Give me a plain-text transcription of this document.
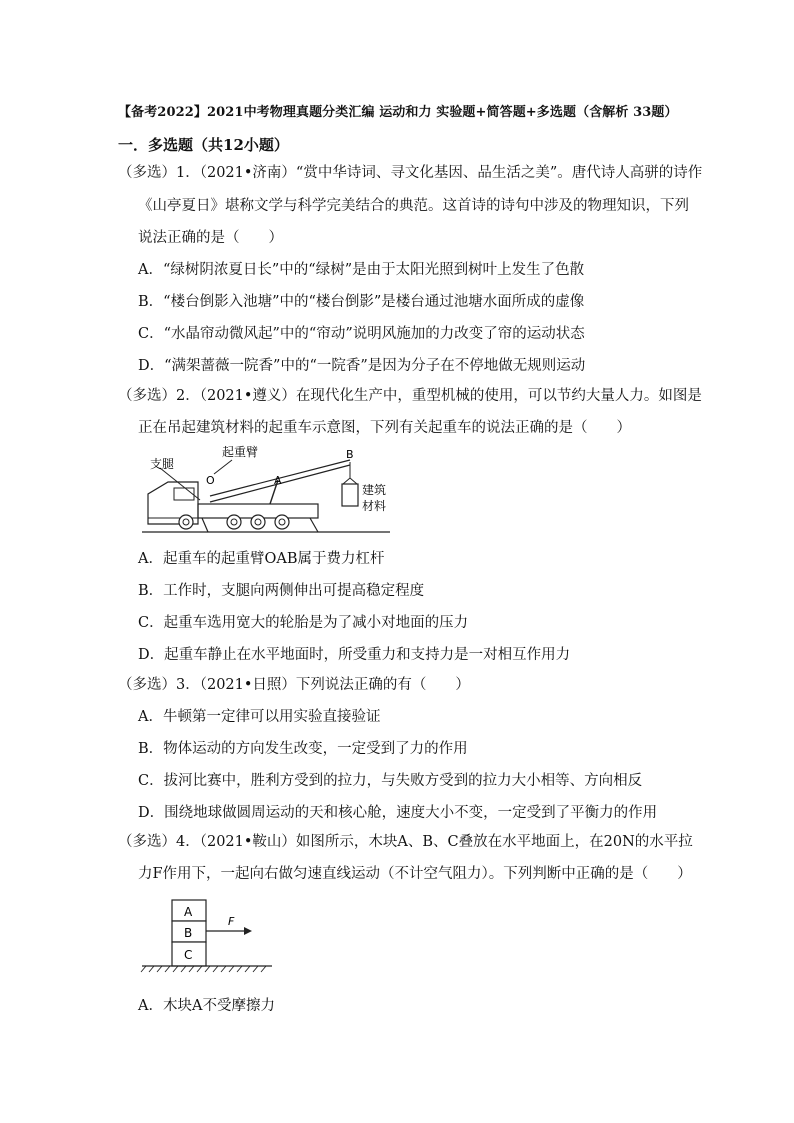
【备考2022】2021中考物理真题分类汇编 运动和力 实验题+简答题+多选题（含解析 33题）
一．多选题（共12小题）
（多选）1．（2021•济南）“赏中华诗词、寻文化基因、品生活之美”。唐代诗人高骈的诗作
《山亭夏日》堪称文学与科学完美结合的典范。这首诗的诗句中涉及的物理知识，下列
说法正确的是（　　）
A．“绿树阴浓夏日长”中的“绿树”是由于太阳光照到树叶上发生了色散
B．“楼台倒影入池塘”中的“楼台倒影”是楼台通过池塘水面所成的虚像
C．“水晶帘动微风起”中的“帘动”说明风施加的力改变了帘的运动状态
D．“满架蔷薇一院香”中的“一院香”是因为分子在不停地做无规则运动
（多选）2．（2021•遵义）在现代化生产中，重型机械的使用，可以节约大量人力。如图是
正在吊起建筑材料的起重车示意图，下列有关起重车的说法正确的是（　　）
支腿
起重臂
O	A
B
建筑
材料
A．起重车的起重臂OAB属于费力杠杆
B．工作时，支腿向两侧伸出可提高稳定程度
C．起重车选用宽大的轮胎是为了减小对地面的压力
D．起重车静止在水平地面时，所受重力和支持力是一对相互作用力
（多选）3．（2021•日照）下列说法正确的有（　　）
A．牛顿第一定律可以用实验直接验证
B．物体运动的方向发生改变，一定受到了力的作用
C．拔河比赛中，胜利方受到的拉力，与失败方受到的拉力大小相等、方向相反
D．围绕地球做圆周运动的天和核心舱，速度大小不变，一定受到了平衡力的作用
（多选）4．（2021•鞍山）如图所示，木块A、B、C叠放在水平地面上，在20N的水平拉
力F作用下，一起向右做匀速直线运动（不计空气阻力）。下列判断中正确的是（　　）
A
B
C
F
A．木块A不受摩擦力
